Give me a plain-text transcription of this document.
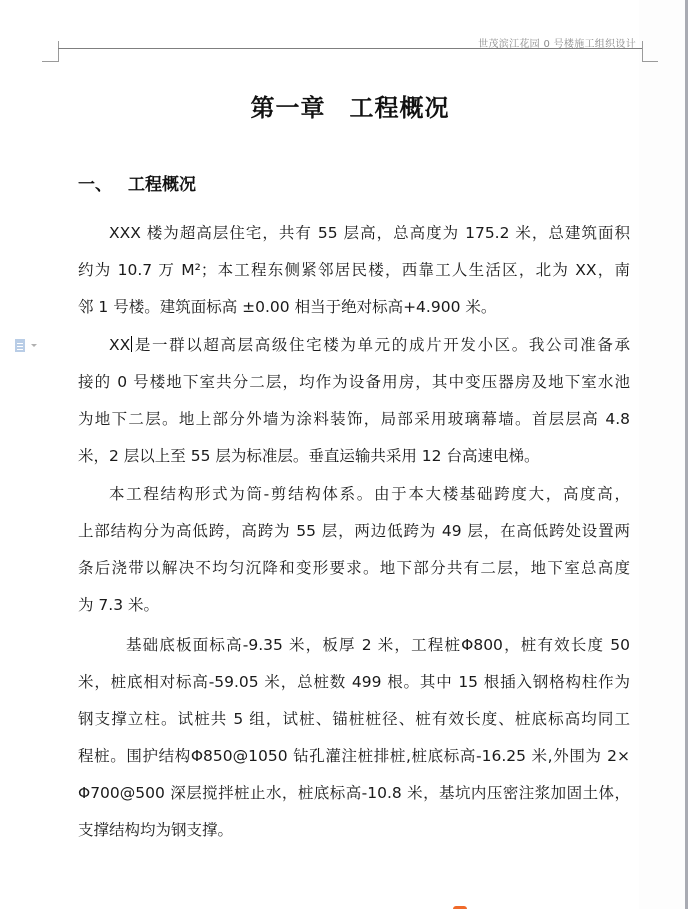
世茂滨江花园 0 号楼施工组织设计
第一章 工程概况
一、 工程概况
XXX 楼为超高层住宅，共有 55 层高，总高度为 175.2 米，总建筑面积
约为 10.7 万 M²；本工程东侧紧邻居民楼，西靠工人生活区，北为 XX，南
邻 1 号楼。建筑面标高 ±0.00 相当于绝对标高+4.900 米。
XX 是一群以超高层高级住宅楼为单元的成片开发小区。我公司准备承
接的 0 号楼地下室共分二层，均作为设备用房，其中变压器房及地下室水池
为地下二层。地上部分外墙为涂料装饰，局部采用玻璃幕墙。首层层高 4.8
米，2 层以上至 55 层为标准层。垂直运输共采用 12 台高速电梯。
本工程结构形式为筒-剪结构体系。由于本大楼基础跨度大，高度高，
上部结构分为高低跨，高跨为 55 层，两边低跨为 49 层，在高低跨处设置两
条后浇带以解决不均匀沉降和变形要求。地下部分共有二层，地下室总高度
为 7.3 米。
基础底板面标高-9.35 米，板厚 2 米，工程桩Φ800，桩有效长度 50
米，桩底相对标高-59.05 米，总桩数 499 根。其中 15 根插入钢格构柱作为
钢支撑立柱。试桩共 5 组，试桩、锚桩桩径、桩有效长度、桩底标高均同工
程桩。围护结构Φ850@1050 钻孔灌注桩排桩,桩底标高-16.25 米,外围为 2×
Φ700@500 深层搅拌桩止水，桩底标高-10.8 米，基坑内压密注浆加固土体，
支撑结构均为钢支撑。
